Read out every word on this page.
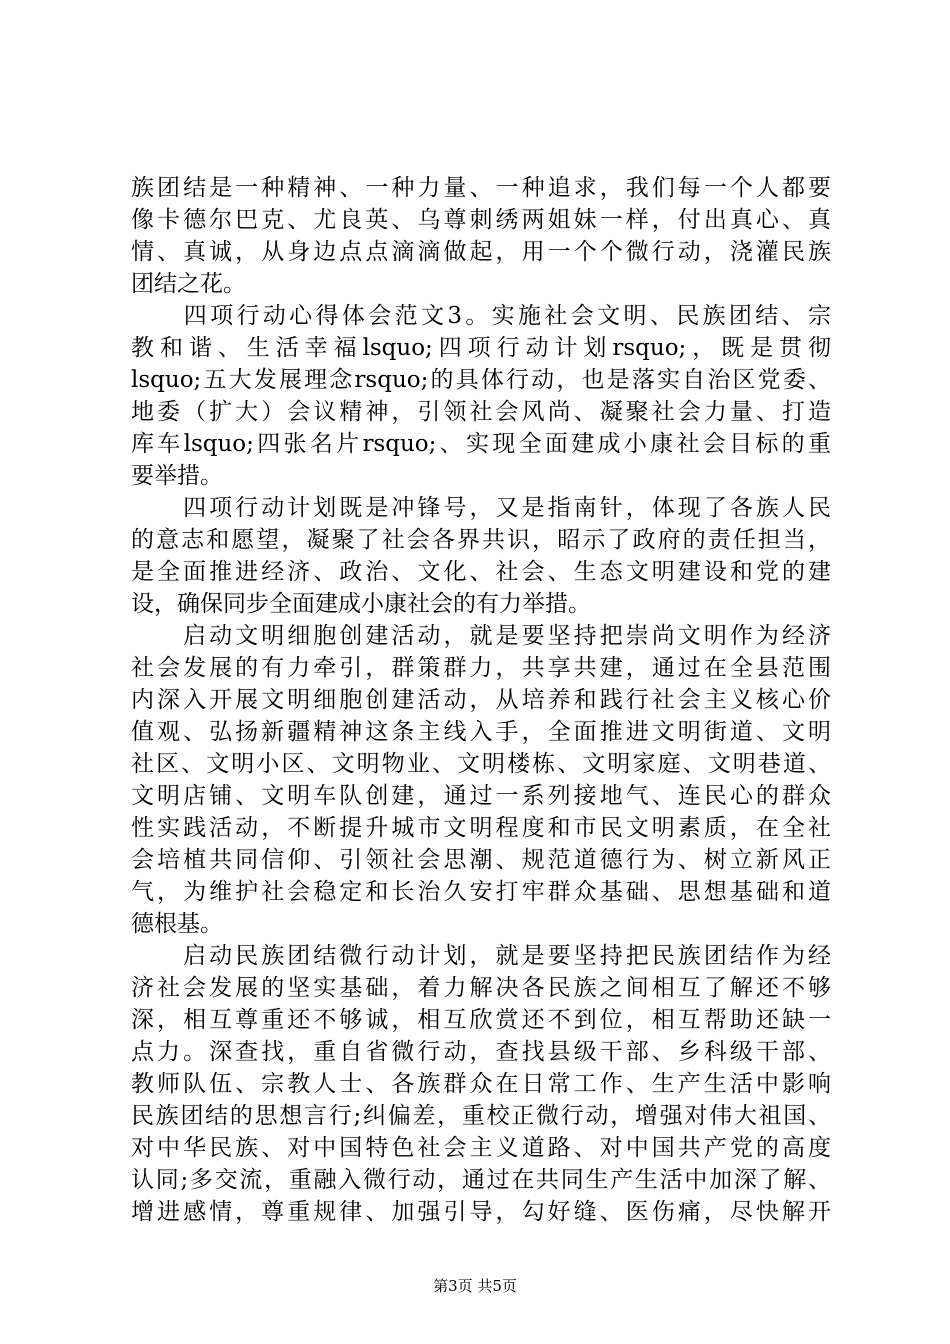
族团结是一种精神、一种力量、一种追求，我们每一个人都要
像卡德尔巴克、尤良英、乌尊刺绣两姐妹一样，付出真心、真
情、真诚，从身边点点滴滴做起，用一个个微行动，浇灌民族
团结之花。
　　四项行动心得体会范文3。实施社会文明、民族团结、宗
教和谐、生活幸福lsquo;四项行动计划rsquo;，既是贯彻
lsquo;五大发展理念rsquo;的具体行动，也是落实自治区党委、
地委（扩大）会议精神，引领社会风尚、凝聚社会力量、打造
库车lsquo;四张名片rsquo;、实现全面建成小康社会目标的重
要举措。
　　四项行动计划既是冲锋号，又是指南针，体现了各族人民
的意志和愿望，凝聚了社会各界共识，昭示了政府的责任担当，
是全面推进经济、政治、文化、社会、生态文明建设和党的建
设，确保同步全面建成小康社会的有力举措。
　　启动文明细胞创建活动，就是要坚持把崇尚文明作为经济
社会发展的有力牵引，群策群力，共享共建，通过在全县范围
内深入开展文明细胞创建活动，从培养和践行社会主义核心价
值观、弘扬新疆精神这条主线入手，全面推进文明街道、文明
社区、文明小区、文明物业、文明楼栋、文明家庭、文明巷道、
文明店铺、文明车队创建，通过一系列接地气、连民心的群众
性实践活动，不断提升城市文明程度和市民文明素质，在全社
会培植共同信仰、引领社会思潮、规范道德行为、树立新风正
气，为维护社会稳定和长治久安打牢群众基础、思想基础和道
德根基。
　　启动民族团结微行动计划，就是要坚持把民族团结作为经
济社会发展的坚实基础，着力解决各民族之间相互了解还不够
深，相互尊重还不够诚，相互欣赏还不到位，相互帮助还缺一
点力。深查找，重自省微行动，查找县级干部、乡科级干部、
教师队伍、宗教人士、各族群众在日常工作、生产生活中影响
民族团结的思想言行;纠偏差，重校正微行动，增强对伟大祖国、
对中华民族、对中国特色社会主义道路、对中国共产党的高度
认同;多交流，重融入微行动，通过在共同生产生活中加深了解、
增进感情，尊重规律、加强引导，勾好缝、医伤痛，尽快解开
第3页 共5页
